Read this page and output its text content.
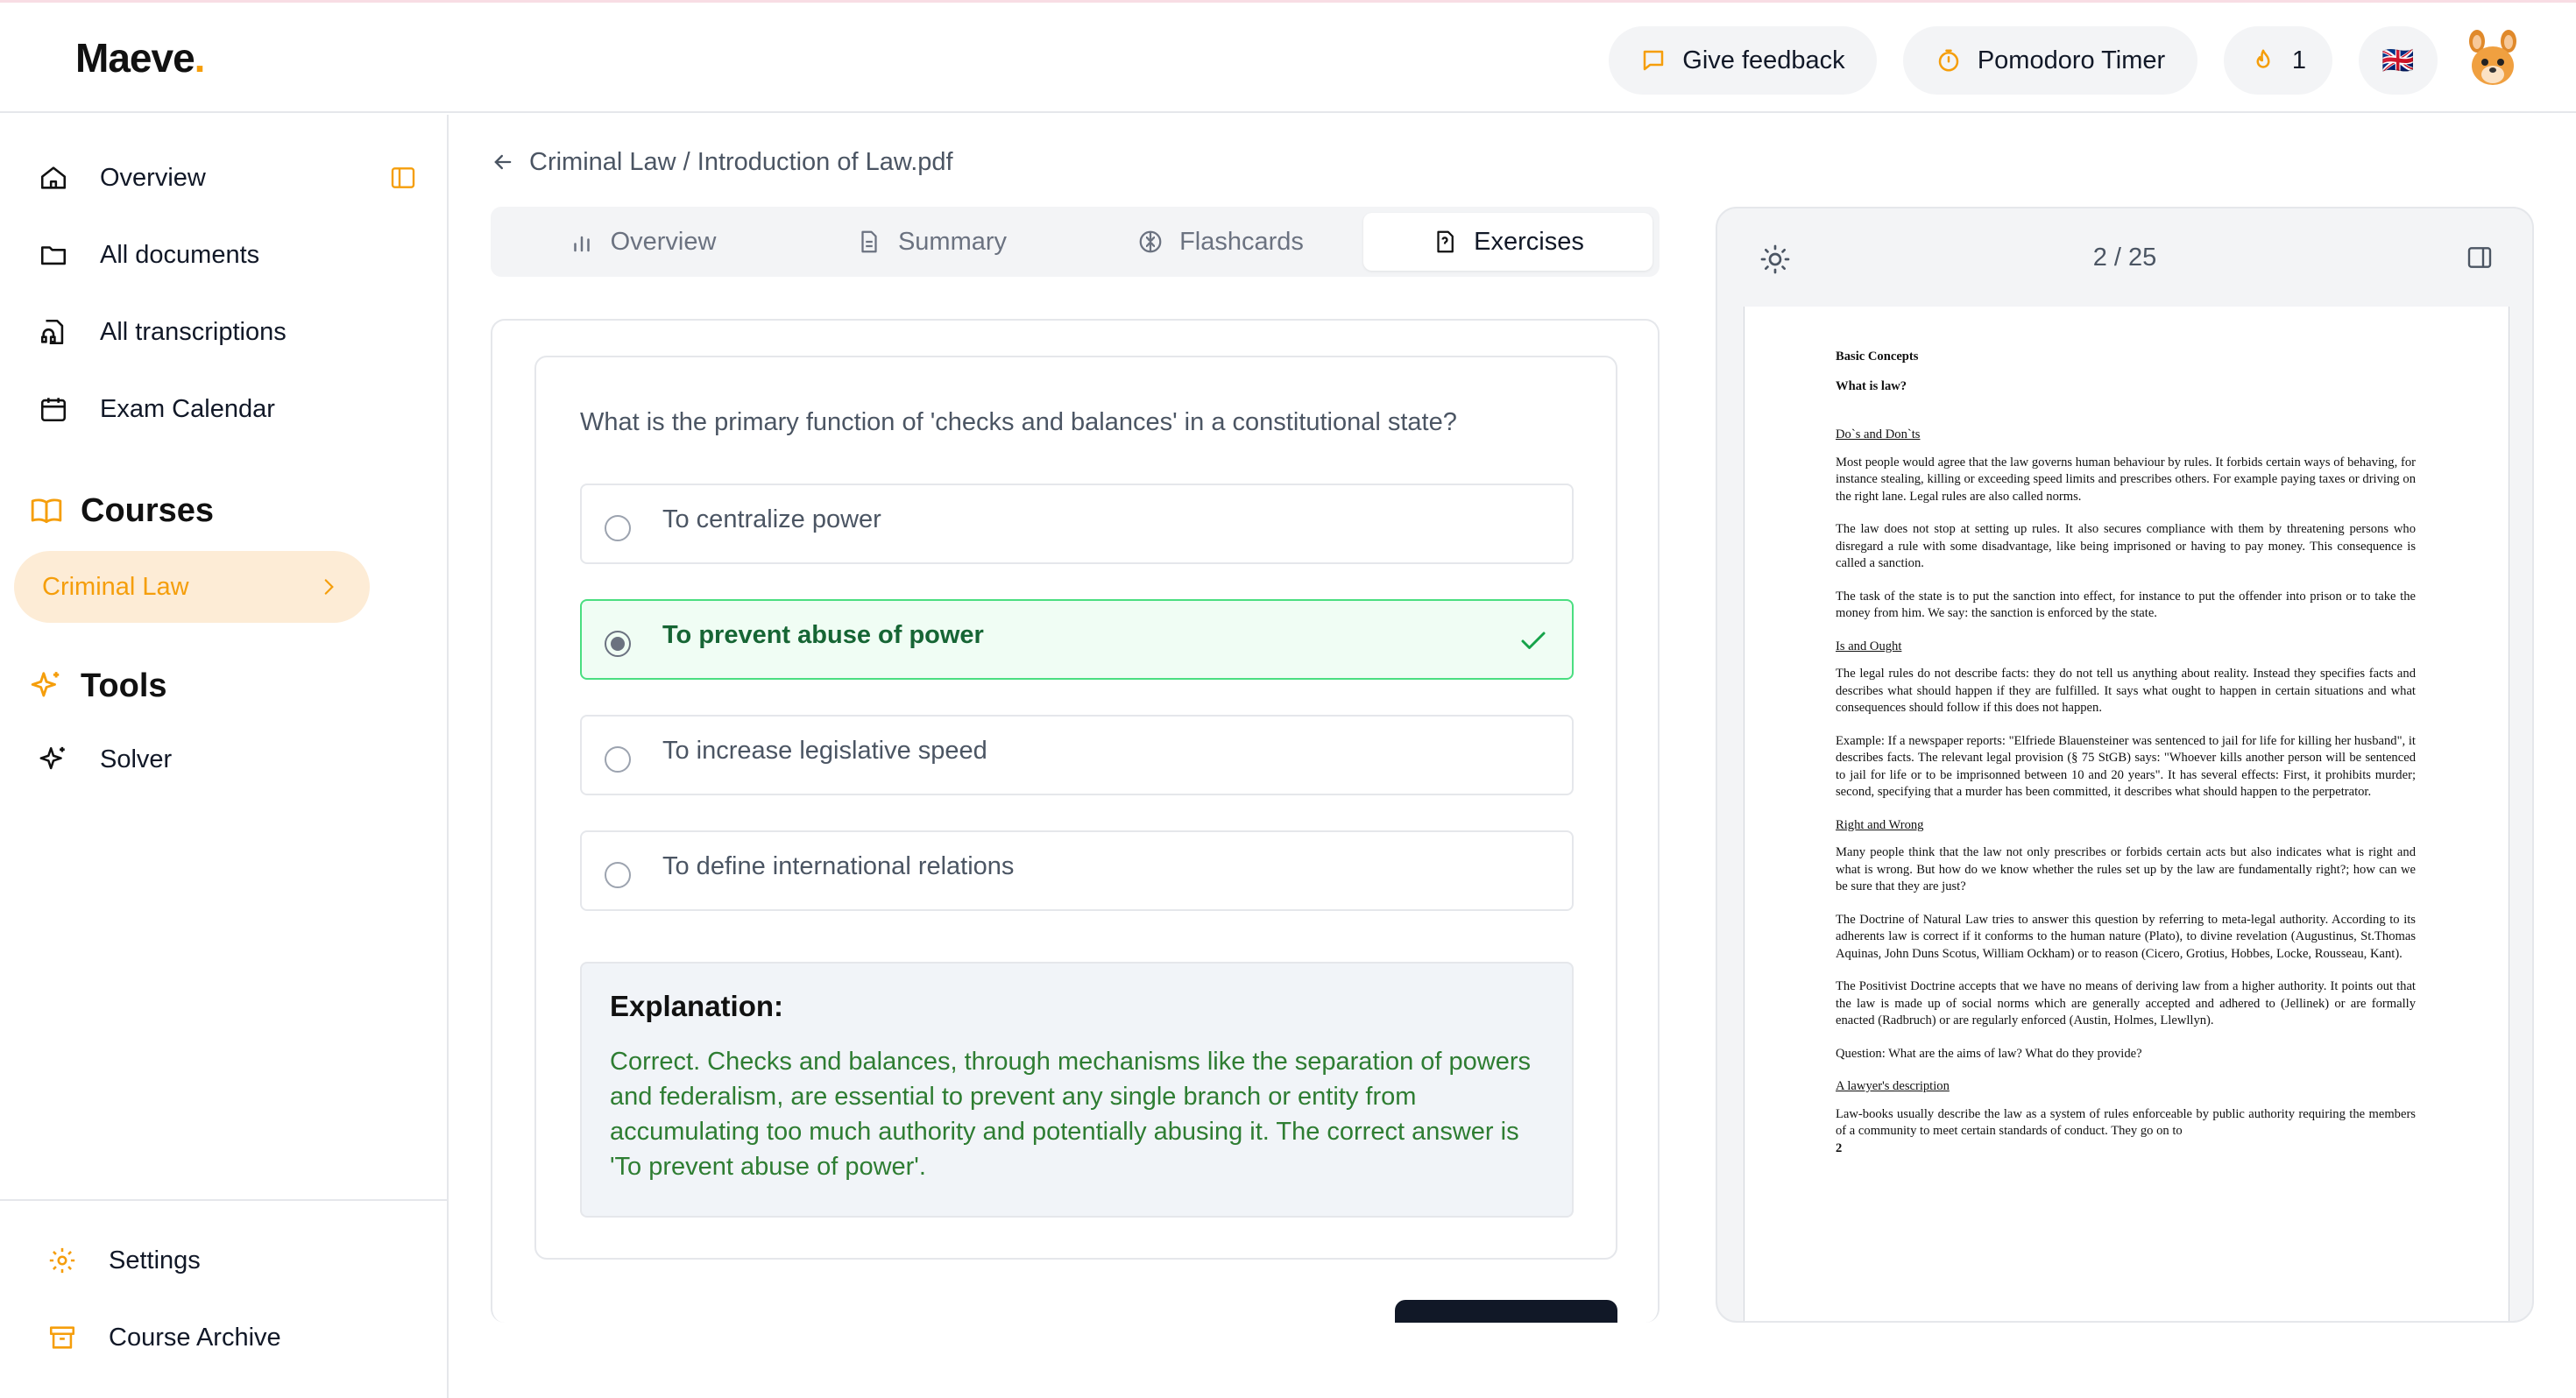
Maeve.	Give feedback	Pomodoro Timer	1	🇬🇧
Overview
All documents
All transcriptions
Exam Calendar
Courses
Criminal Law
Tools
Solver
Settings
Course Archive
Criminal Law / Introduction of Law.pdf
Overview	Summary	Flashcards	Exercises
What is the primary function of 'checks and balances' in a constitutional state?
To centralize power
To prevent abuse of power
To increase legislative speed
To define international relations
Explanation:
Correct. Checks and balances, through mechanisms like the separation of powers and federalism, are essential to prevent any single branch or entity from accumulating too much authority and potentially abusing it. The correct answer is 'To prevent abuse of power'.
2 / 25
Basic Concepts
What is law?
Do`s and Don`ts

Most people would agree that the law governs human behaviour by rules. It forbids certain ways of behaving, for instance stealing, killing or exceeding speed limits and prescribes others. For example paying taxes or driving on the right lane. Legal rules are also called norms.

The law does not stop at setting up rules. It also secures compliance with them by threatening persons who disregard a rule with some disadvantage, like being imprisoned or having to pay money. This consequence is called a sanction.

The task of the state is to put the sanction into effect, for instance to put the offender into prison or to take the money from him. We say: the sanction is enforced by the state.

Is and Ought

The legal rules do not describe facts: they do not tell us anything about reality. Instead they specifies facts and describes what should happen if they are fulfilled. It says what ought to happen in certain situations and what consequences should follow if this does not happen.

Example: If a newspaper reports: "Elfriede Blauensteiner was sentenced to jail for life for killing her husband", it describes facts. The relevant legal provision (§ 75 StGB) says: "Whoever kills another person will be sentenced to jail for life or to be imprisonned between 10 and 20 years". It has several effects: First, it prohibits murder; second, specifying that a murder has been committed, it describes what should happen to the perpetrator.

Right and Wrong

Many people think that the law not only prescribes or forbids certain acts but also indicates what is right and what is wrong. But how do we know whether the rules set up by the law are fundamentally right?; how can we be sure that they are just?

The Doctrine of Natural Law tries to answer this question by referring to meta-legal authority. According to its adherents law is correct if it conforms to the human nature (Plato), to divine revelation (Augustinus, St.Thomas Aquinas, John Duns Scotus, William Ockham) or to reason (Cicero, Grotius, Hobbes, Locke, Rousseau, Kant).

The Positivist Doctrine accepts that we have no means of deriving law from a higher authority. It points out that the law is made up of social norms which are generally accepted and adhered to (Jellinek) or are formally enacted (Radbruch) or are regularly enforced (Austin, Holmes, Llewllyn).

Question: What are the aims of law? What do they provide?

A lawyer's description

Law-books usually describe the law as a system of rules enforceable by public authority requiring the members of a community to meet certain standards of conduct. They go on to

2
